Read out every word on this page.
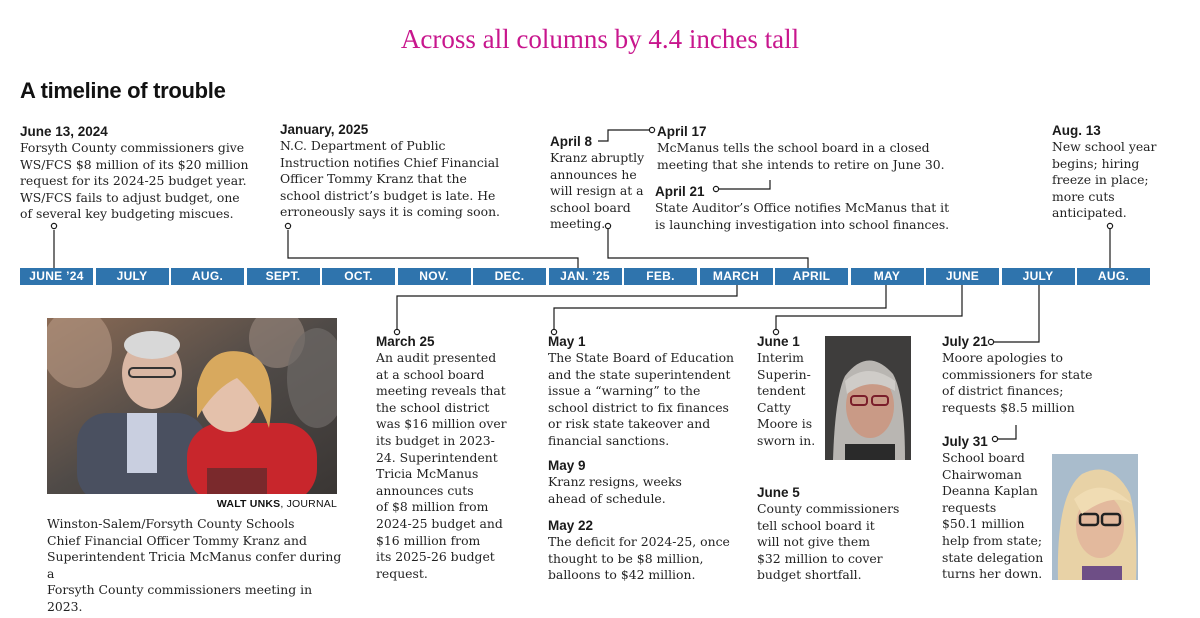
Across all columns by 4.4 inches tall
A timeline of trouble
June 13, 2024
Forsyth County commissioners give
WS/FCS $8 million of its $20 million
request for its 2024-25 budget year.
WS/FCS fails to adjust budget, one
of several key budgeting miscues.
January, 2025
N.C. Department of Public
Instruction notifies Chief Financial
Officer Tommy Kranz that the
school district’s budget is late. He
erroneously says it is coming soon.
April 8
Kranz abruptly
announces he
will resign at a
school board
meeting.
April 17
McManus tells the school board in a closed
meeting that she intends to retire on June 30.
April 21
State Auditor’s Office notifies McManus that it
is launching investigation into school finances.
Aug. 13
New school year
begins; hiring
freeze in place;
more cuts
anticipated.
JUNE ’24	JULY	AUG.	SEPT.	OCT.	NOV.	DEC.	JAN. ’25	FEB.	MARCH	APRIL	MAY	JUNE	JULY	AUG.
WALT UNKS, JOURNAL
Winston-Salem/Forsyth County Schools
Chief Financial Officer Tommy Kranz and
Superintendent Tricia McManus confer during a
Forsyth County commissioners meeting in 2023.
March 25
An audit presented
at a school board
meeting reveals that
the school district
was $16 million over
its budget in 2023-
24. Superintendent
Tricia McManus
announces cuts
of $8 million from
2024-25 budget and
$16 million from
its 2025-26 budget
request.
May 1
The State Board of Education
and the state superintendent
issue a “warning” to the
school district to fix finances
or risk state takeover and
financial sanctions.
May 9
Kranz resigns, weeks
ahead of schedule.
May 22
The deficit for 2024-25, once
thought to be $8 million,
balloons to $42 million.
June 1
Interim
Superin-
tendent
Catty
Moore is
sworn in.
June 5
County commissioners
tell school board it
will not give them
$32 million to cover
budget shortfall.
July 21
Moore apologies to
commissioners for state
of district finances;
requests $8.5 million
July 31
School board
Chairwoman
Deanna Kaplan
requests
$50.1 million
help from state;
state delegation
turns her down.
